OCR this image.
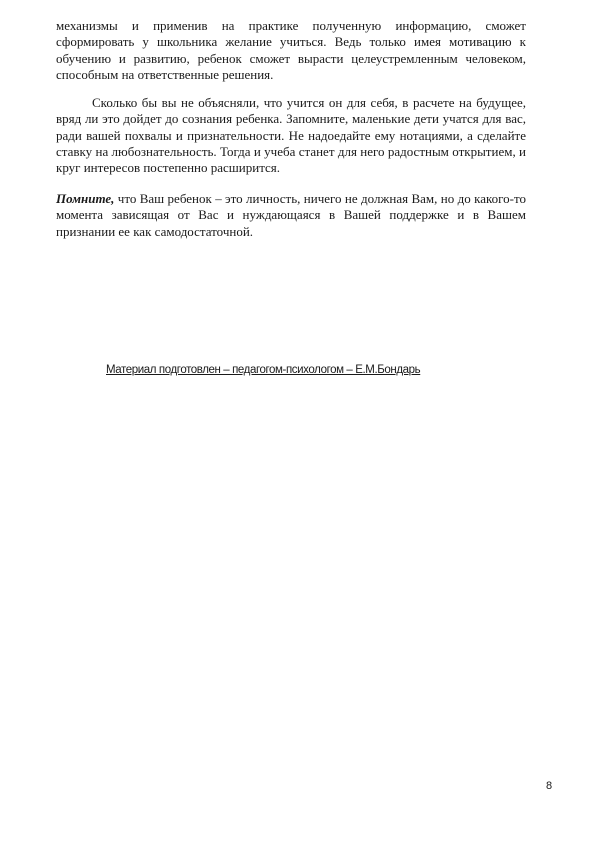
механизмы и применив на практике полученную информацию, сможет сформировать у школьника желание учиться. Ведь только имея мотивацию к обучению и развитию, ребенок сможет вырасти целеустремленным человеком, способным на ответственные решения.

Сколько бы вы не объясняли, что учится он для себя, в расчете на будущее, вряд ли это дойдет до сознания ребенка. Запомните, маленькие дети учатся для вас, ради вашей похвалы и признательности. Не надоедайте ему нотациями, а сделайте ставку на любознательность. Тогда и учеба станет для него радостным открытием, и круг интересов постепенно расширится.

Помните, что Ваш ребенок – это личность, ничего не должная Вам, но до какого-то момента зависящая от Вас и нуждающаяся в Вашей поддержке и в Вашем признании ее как самодостаточной.

Материал подготовлен – педагогом-психологом – Е.М.Бондарь
8
